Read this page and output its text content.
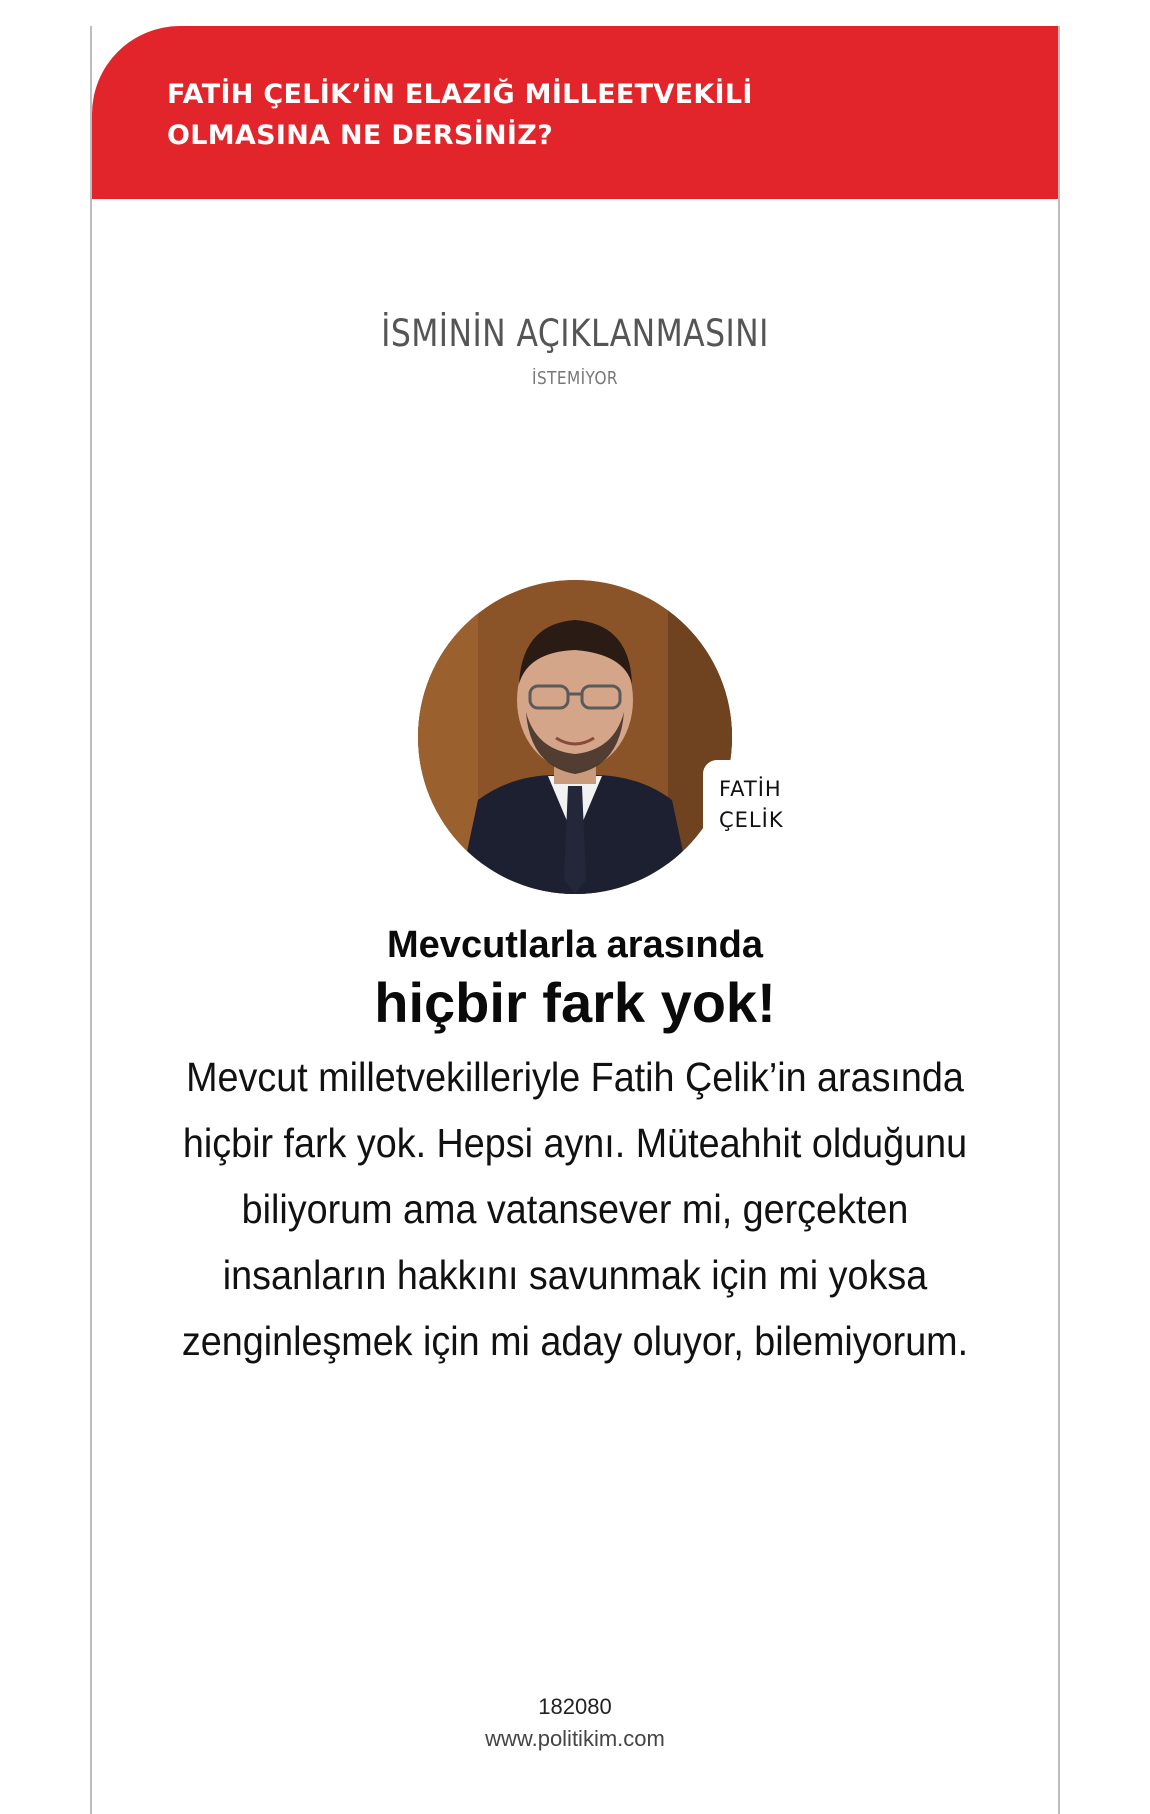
FATİH ÇELİK’İN ELAZIĞ MİLLEETVEKİLİ
OLMASINA NE DERSİNİZ?
İSMİNİN AÇIKLANMASINI
İSTEMİYOR
FATİH
ÇELİK
Mevcutlarla arasında
hiçbir fark yok!
Mevcut milletvekilleriyle Fatih Çelik’in arasında hiçbir fark yok. Hepsi aynı. Müteahhit olduğunu biliyorum ama vatansever mi, gerçekten insanların hakkını savunmak için mi yoksa zenginleşmek için mi aday oluyor, bilemiyorum.
182080
www.politikim.com
